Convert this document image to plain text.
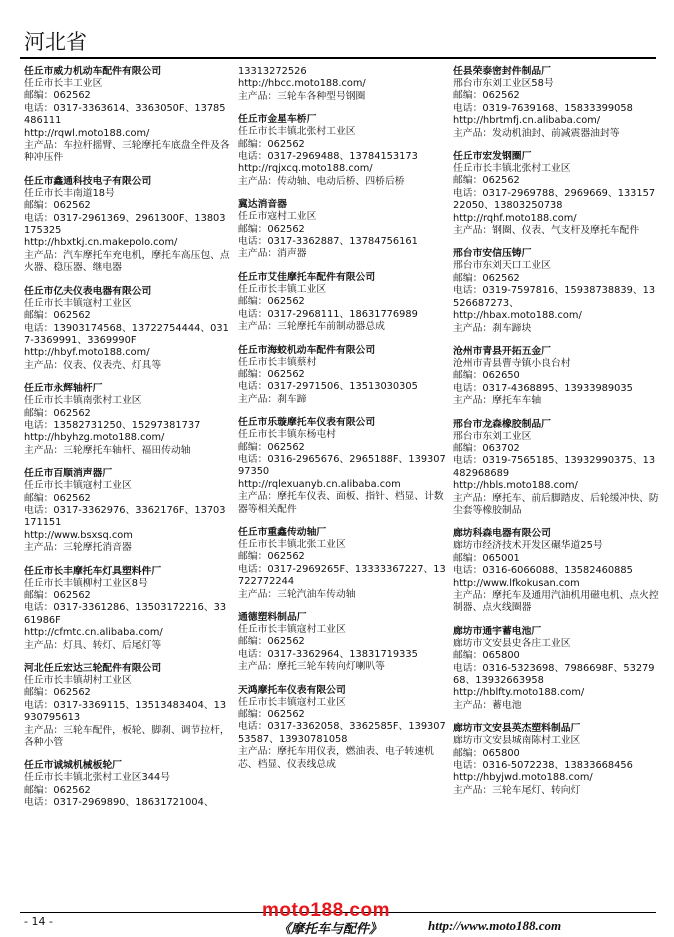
河北省
任丘市威力机动车配件有限公司
任丘市长丰工业区
邮编：062562
电话：0317-3363614、3363050F、13785486111
http://rqwl.moto188.com/
主产品：车拉杆摇臂、三轮摩托车底盘全件及各种冲压件
任丘市鑫通科技电子有限公司
任丘市长丰南道18号
邮编：062562
电话：0317-2961369、2961300F、13803175325
http://hbxtkj.cn.makepolo.com/
主产品：汽车摩托车充电机，摩托车高压包、点火器、稳压器、继电器
任丘市亿夫仪表电器有限公司
任丘市长丰镇寇村工业区
邮编：062562
电话：13903174568、13722754444、0317-3369991、3369990F
http://hbyf.moto188.com/
主产品：仪表、仪表壳、灯具等
任丘市永辉轴杆厂
任丘市长丰镇南张村工业区
邮编：062562
电话：13582731250、15297381737
http://hbyhzg.moto188.com/
主产品：三轮摩托车轴杆、福田传动轴
任丘市百顺消声器厂
任丘市长丰镇寇村工业区
邮编：062562
电话：0317-3362976、3362176F、13703171151
http://www.bsxsq.com
主产品：三轮摩托消音器
任丘市长丰摩托车灯具塑料件厂
任丘市长丰镇柳村工业区8号
邮编：062562
电话：0317-3361286、13503172216、3361986F
http://cfmtc.cn.alibaba.com/
主产品：灯具、转灯、后尾灯等
河北任丘宏达三轮配件有限公司
任丘市长丰镇胡村工业区
邮编：062562
电话：0317-3369115、13513483404、13930795613
主产品：三轮车配件，板轮、脚刹、调节拉杆，各种小管
任丘市诚城机械板轮厂
任丘市长丰镇北张村工业区344号
邮编：062562
电话：0317-2969890、18631721004、
13313272526
http://hbcc.moto188.com/
主产品：三轮车各种型号钢圈
任丘市金星车桥厂
任丘市长丰镇北张村工业区
邮编：062562
电话：0317-2969488、13784153173
http://rqjxcq.moto188.com/
主产品：传动轴、电动后桥、四桥后桥
冀达消音器
任丘市寇村工业区
邮编：062562
电话：0317-3362887、13784756161
主产品：消声器
任丘市艾佳摩托车配件有限公司
任丘市长丰镇工业区
邮编：062562
电话：0317-2968111、18631776989
主产品：三轮摩托车前制动器总成
任丘市海蛟机动车配件有限公司
任丘市长丰镇蔡村
邮编：062562
电话：0317-2971506、13513030305
主产品：刹车蹄
任丘市乐璇摩托车仪表有限公司
任丘市长丰镇东杨屯村
邮编：062562
电话：0316-2965676、2965188F、13930797350
http://rqlexuanyb.cn.alibaba.com
主产品：摩托车仪表、面板、指针、档显、计数器等相关配件
任丘市重鑫传动轴厂
任丘市长丰镇北张工业区
邮编：062562
电话：0317-2969265F、13333367227、13722772244
主产品：三轮汽油车传动轴
通德塑料制品厂
任丘市长丰镇寇村工业区
邮编：062562
电话：0317-3362964、13831719335
主产品：摩托三轮车转向灯喇叭等
天鸿摩托车仪表有限公司
任丘市长丰镇寇村工业区
邮编：062562
电话：0317-3362058、3362585F、13930753587、13930781058
主产品：摩托车用仪表，燃油表、电子转速机芯、档显、仪表线总成
任县荣泰密封件制品厂
邢台市东刘工业区58号
邮编：062562
电话：0319-7639168、15833399058
http://hbrtmfj.cn.alibaba.com/
主产品：发动机油封、前减震器油封等
任丘市宏发钢圈厂
任丘市长丰镇北张村工业区
邮编：062562
电话：0317-2969788、2969669、13315722050、13803250738
http://rqhf.moto188.com/
主产品：钢圈、仪表、气支杆及摩托车配件
邢台市安信压铸厂
邢台市东刘天口工业区
邮编：062562
电话：0319-7597816、15938738839、13526687273、
http://hbax.moto188.com/
主产品：刹车蹄块
沧州市青县开拓五金厂
沧州市青县曹寺镇小良台村
邮编：062650
电话：0317-4368895、13933989035
主产品：摩托车车轴
邢台市龙森橡胶制品厂
邢台市东刘工业区
邮编：063702
电话：0319-7565185、13932990375、13482968689
http://hbls.moto188.com/
主产品：摩托车、前后脚踏皮、后轮缓冲快、防尘套等橡胶制品
廊坊科森电器有限公司
廊坊市经济技术开发区碾华道25号
邮编：065001
电话：0316-6066088、13582460885
http://www.lfkokusan.com
主产品：摩托车及通用汽油机用磁电机、点火控制器、点火线圈器
廊坊市通宇蓄电池厂
廊坊市文安县史各庄工业区
邮编：065800
电话：0316-5323698、7986698F、5327968、13932663958
http://hblfty.moto188.com/
主产品：蓄电池
廊坊市文安县英杰塑料制品厂
廊坊市文安县城南陈村工业区
邮编：065800
电话：0316-5072238、13833668456
http://hbyjwd.moto188.com/
主产品：三轮车尾灯、转向灯
- 14 -
moto188.com
《摩托车与配件》	http://www.moto188.com
